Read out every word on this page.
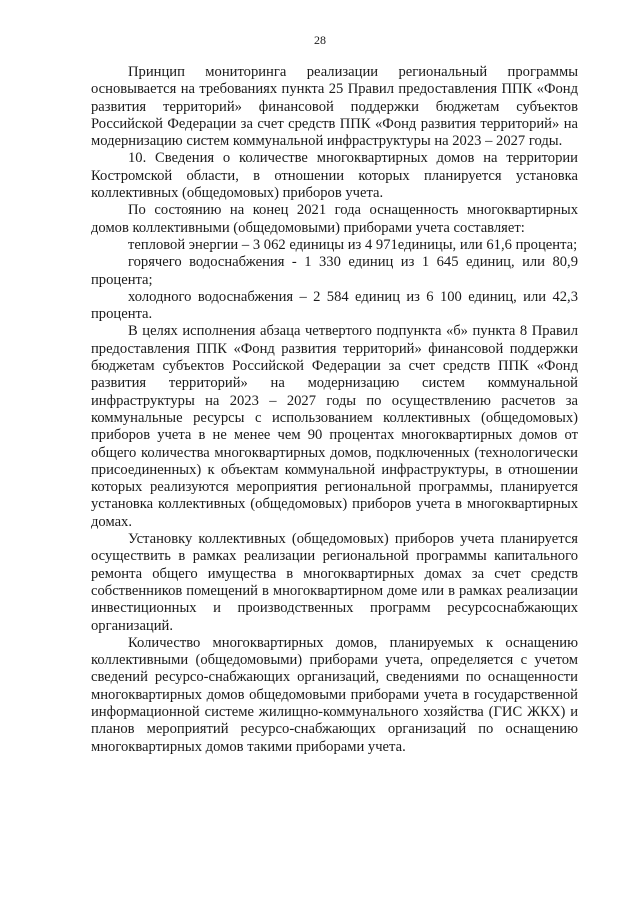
28

Принцип мониторинга реализации региональный программы основывается на требованиях пункта 25 Правил предоставления ППК «Фонд развития территорий» финансовой поддержки бюджетам субъектов Российской Федерации за счет средств ППК «Фонд развития территорий» на модернизацию систем коммунальной инфраструктуры на 2023 – 2027 годы.

10. Сведения о количестве многоквартирных домов на территории Костромской области, в отношении которых планируется установка коллективных (общедомовых) приборов учета.

По состоянию на конец 2021 года оснащенность многоквартирных домов коллективными (общедомовыми) приборами учета составляет:

тепловой энергии – 3 062 единицы из 4 971единицы, или 61,6 процента;

горячего водоснабжения - 1 330 единиц из 1 645 единиц, или 80,9 процента;

холодного водоснабжения – 2 584 единиц из 6 100 единиц, или 42,3 процента.

В целях исполнения абзаца четвертого подпункта «б» пункта 8 Правил предоставления ППК «Фонд развития территорий» финансовой поддержки бюджетам субъектов Российской Федерации за счет средств ППК «Фонд развития территорий» на модернизацию систем коммунальной инфраструктуры на 2023 – 2027 годы по осуществлению расчетов за коммунальные ресурсы с использованием коллективных (общедомовых) приборов учета в не менее чем 90 процентах многоквартирных домов от общего количества многоквартирных домов, подключенных (технологически присоединенных) к объектам коммунальной инфраструктуры, в отношении которых реализуются мероприятия региональной программы, планируется установка коллективных (общедомовых) приборов учета в многоквартирных домах.

Установку коллективных (общедомовых) приборов учета планируется осуществить в рамках реализации региональной программы капитального ремонта общего имущества в многоквартирных домах за счет средств собственников помещений в многоквартирном доме или в рамках реализации инвестиционных и производственных программ ресурсоснабжающих организаций.

Количество многоквартирных домов, планируемых к оснащению коллективными (общедомовыми) приборами учета, определяется с учетом сведений ресурсо-снабжающих организаций, сведениями по оснащенности многоквартирных домов общедомовыми приборами учета в государственной информационной системе жилищно-коммунального хозяйства (ГИС ЖКХ) и планов мероприятий ресурсо-снабжающих организаций по оснащению многоквартирных домов такими приборами учета.
